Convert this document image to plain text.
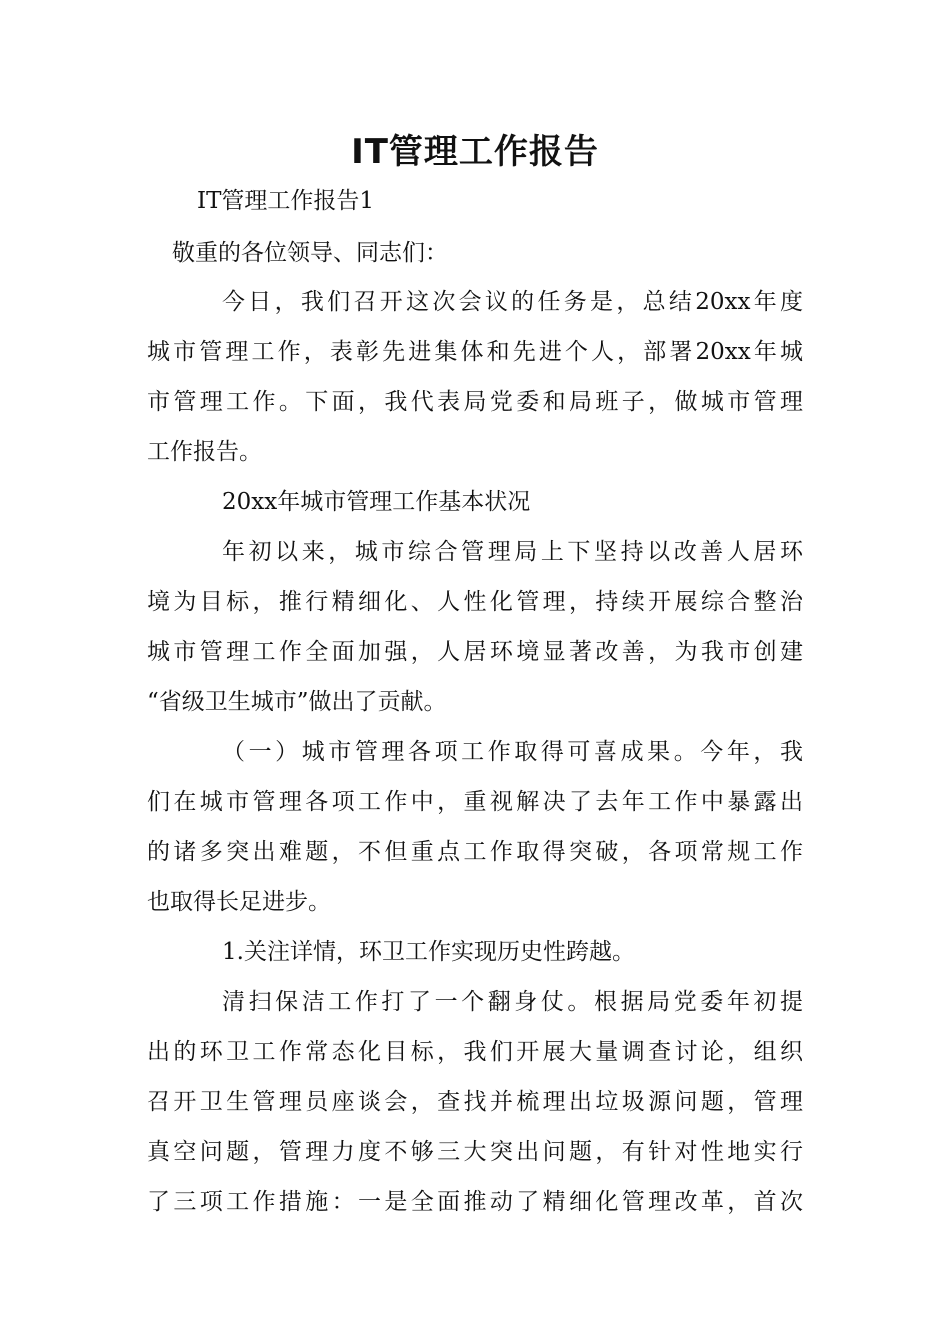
IT管理工作报告
IT管理工作报告1
敬重的各位领导、同志们：
今日，我们召开这次会议的任务是，总结20xx年度
城市管理工作，表彰先进集体和先进个人，部署20xx年城
市管理工作。下面，我代表局党委和局班子，做城市管理
工作报告。
20xx年城市管理工作基本状况
年初以来，城市综合管理局上下坚持以改善人居环
境为目标，推行精细化、人性化管理，持续开展综合整治
城市管理工作全面加强，人居环境显著改善，为我市创建
“省级卫生城市”做出了贡献。
（一）城市管理各项工作取得可喜成果。今年，我
们在城市管理各项工作中，重视解决了去年工作中暴露出
的诸多突出难题，不但重点工作取得突破，各项常规工作
也取得长足进步。
1.关注详情，环卫工作实现历史性跨越。
清扫保洁工作打了一个翻身仗。根据局党委年初提
出的环卫工作常态化目标，我们开展大量调查讨论，组织
召开卫生管理员座谈会，查找并梳理出垃圾源问题，管理
真空问题，管理力度不够三大突出问题，有针对性地实行
了三项工作措施：一是全面推动了精细化管理改革，首次
